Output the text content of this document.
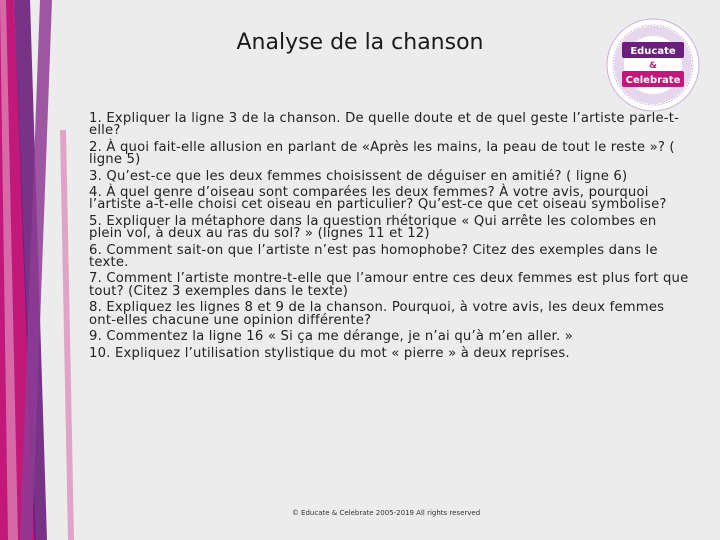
Analyse de la chanson	Educate
&
Celebrate
1. Expliquer la ligne 3 de la chanson. De quelle doute et de quel geste l’artiste parle-t-elle?
2. À quoi fait-elle allusion en parlant de «Après les mains, la peau de tout le reste »? ( ligne 5)
3. Qu’est-ce que les deux femmes choisissent de déguiser en amitié? ( ligne 6)
4. À quel genre d’oiseau sont comparées les deux femmes? À votre avis, pourquoi l’artiste a-t-elle choisi cet oiseau en particulier? Qu’est-ce que cet oiseau symbolise?
5. Expliquer la métaphore dans la question rhétorique « Qui arrête les colombes en plein vol, à deux au ras du sol? » (lignes 11 et 12)
6. Comment sait-on que l’artiste n’est pas homophobe? Citez des exemples dans le texte.
7. Comment l’artiste montre-t-elle que l’amour entre ces deux femmes est plus fort que tout? (Citez 3 exemples dans le texte)
8. Expliquez les lignes 8 et 9 de la chanson. Pourquoi, à votre avis, les deux femmes ont-elles chacune une opinion différente?
9. Commentez la ligne 16 « Si ça me dérange, je n’ai qu’à m’en aller. »
10. Expliquez l’utilisation stylistique du mot « pierre » à deux reprises.
© Educate & Celebrate 2005-2019 All rights reserved
